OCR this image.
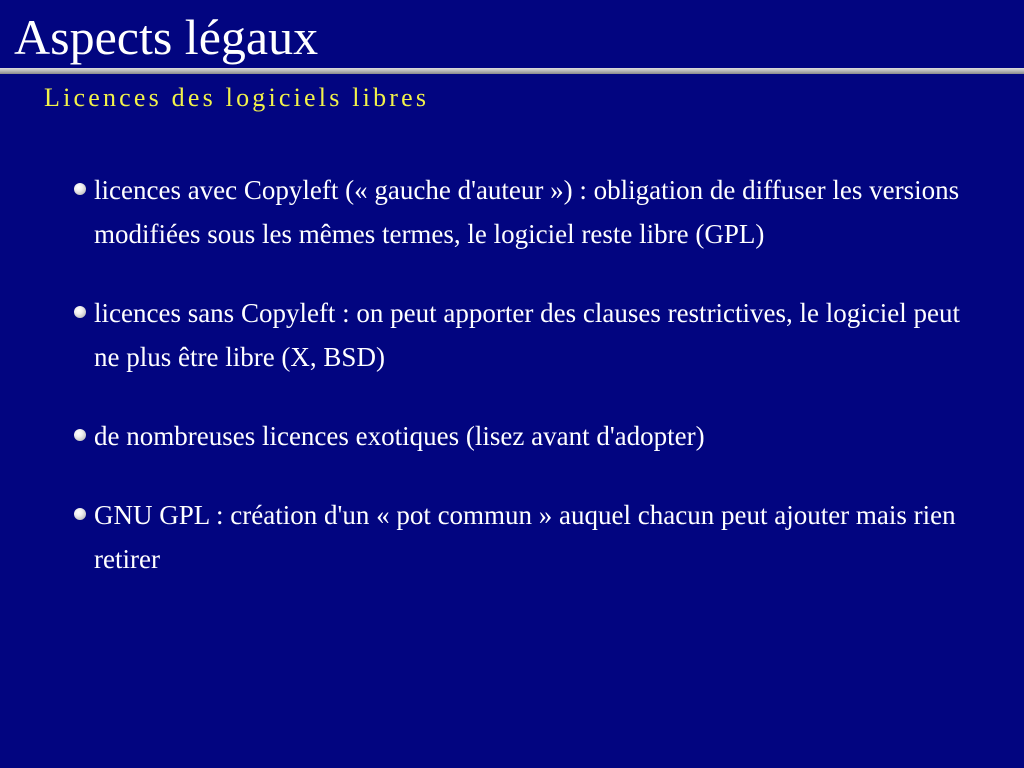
Aspects légaux
Licences des logiciels libres
licences avec Copyleft (« gauche d'auteur ») : obligation de diffuser les versions modifiées sous les mêmes termes, le logiciel reste libre (GPL)
licences sans Copyleft : on peut apporter des clauses restrictives, le logiciel peut ne plus être libre (X, BSD)
de nombreuses licences exotiques (lisez avant d'adopter)
GNU GPL : création d'un « pot commun » auquel chacun peut ajouter mais rien retirer
